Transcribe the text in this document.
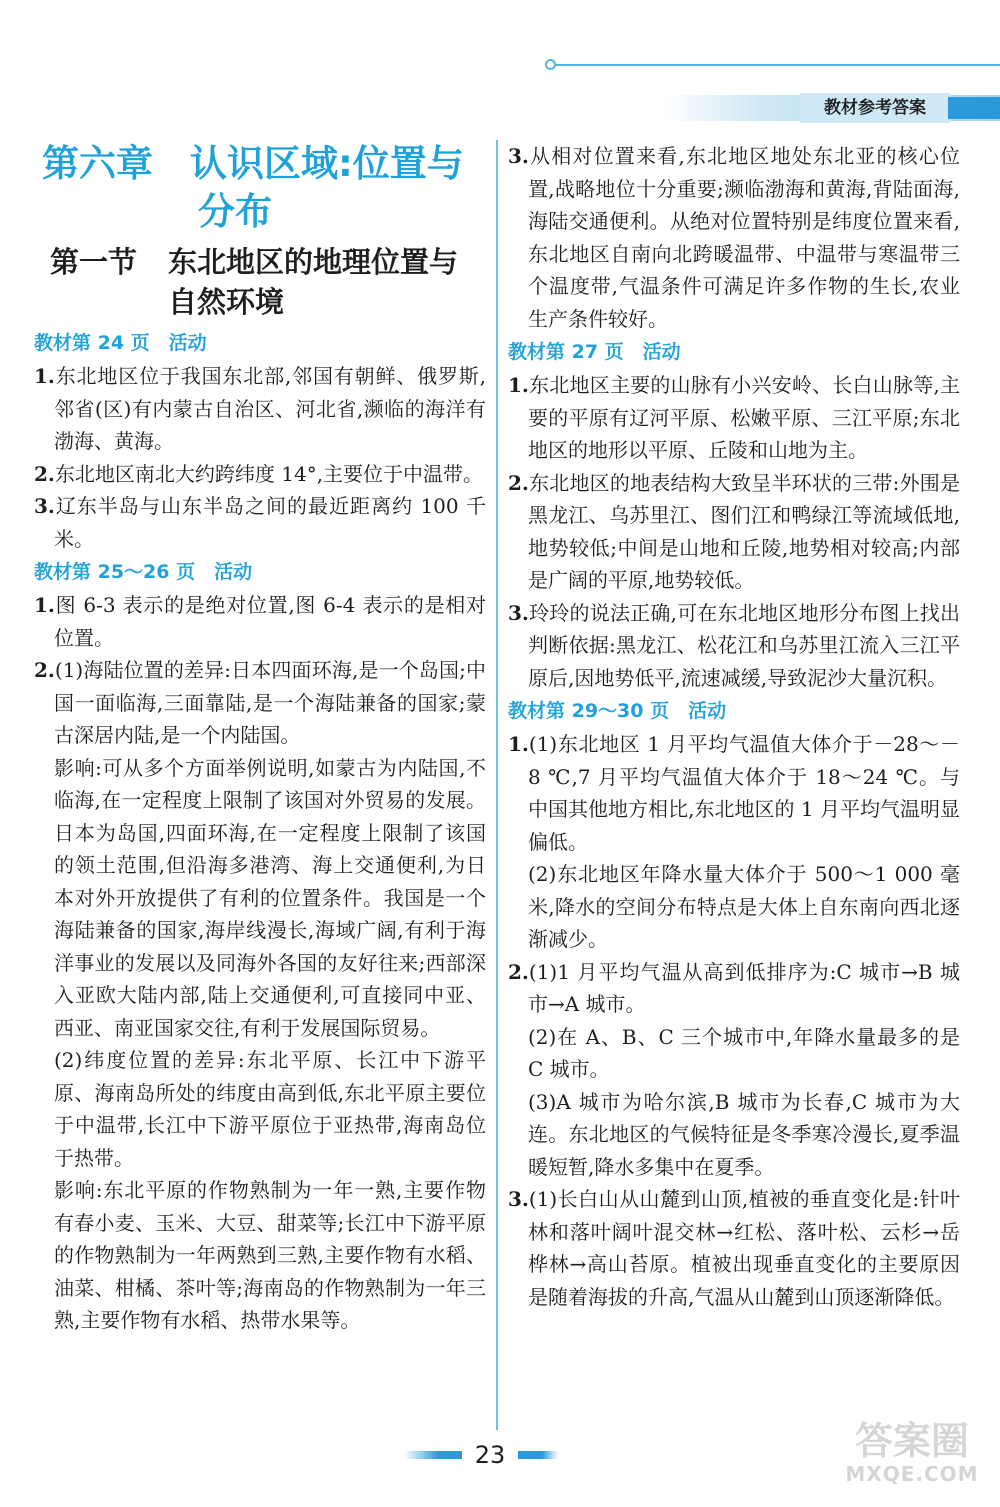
教材参考答案
第六章 认识区域:位置与
分布
第一节 东北地区的地理位置与
自然环境
教材第 24 页　活动

1.东北地区位于我国东北部,邻国有朝鲜、俄罗斯,邻省(区)有内蒙古自治区、河北省,濒临的海洋有渤海、黄海。

2.东北地区南北大约跨纬度 14°,主要位于中温带。

3.辽东半岛与山东半岛之间的最近距离约 100 千米。

教材第 25～26 页　活动

1.图 6-3 表示的是绝对位置,图 6-4 表示的是相对位置。

2.(1)海陆位置的差异:日本四面环海,是一个岛国;中国一面临海,三面靠陆,是一个海陆兼备的国家;蒙古深居内陆,是一个内陆国。

影响:可从多个方面举例说明,如蒙古为内陆国,不临海,在一定程度上限制了该国对外贸易的发展。日本为岛国,四面环海,在一定程度上限制了该国的领土范围,但沿海多港湾、海上交通便利,为日本对外开放提供了有利的位置条件。我国是一个海陆兼备的国家,海岸线漫长,海域广阔,有利于海洋事业的发展以及同海外各国的友好往来;西部深入亚欧大陆内部,陆上交通便利,可直接同中亚、西亚、南亚国家交往,有利于发展国际贸易。

(2)纬度位置的差异:东北平原、长江中下游平原、海南岛所处的纬度由高到低,东北平原主要位于中温带,长江中下游平原位于亚热带,海南岛位于热带。

影响:东北平原的作物熟制为一年一熟,主要作物有春小麦、玉米、大豆、甜菜等;长江中下游平原的作物熟制为一年两熟到三熟,主要作物有水稻、油菜、柑橘、茶叶等;海南岛的作物熟制为一年三熟,主要作物有水稻、热带水果等。

3.从相对位置来看,东北地区地处东北亚的核心位置,战略地位十分重要;濒临渤海和黄海,背陆面海,海陆交通便利。从绝对位置特别是纬度位置来看,东北地区自南向北跨暖温带、中温带与寒温带三个温度带,气温条件可满足许多作物的生长,农业生产条件较好。

教材第 27 页　活动

1.东北地区主要的山脉有小兴安岭、长白山脉等,主要的平原有辽河平原、松嫩平原、三江平原;东北地区的地形以平原、丘陵和山地为主。

2.东北地区的地表结构大致呈半环状的三带:外围是黑龙江、乌苏里江、图们江和鸭绿江等流域低地,地势较低;中间是山地和丘陵,地势相对较高;内部是广阔的平原,地势较低。

3.玲玲的说法正确,可在东北地区地形分布图上找出判断依据:黑龙江、松花江和乌苏里江流入三江平原后,因地势低平,流速减缓,导致泥沙大量沉积。

教材第 29～30 页　活动

1.(1)东北地区 1 月平均气温值大体介于－28～－8 ℃,7 月平均气温值大体介于 18～24 ℃。与中国其他地方相比,东北地区的 1 月平均气温明显偏低。

(2)东北地区年降水量大体介于 500～1 000 毫米,降水的空间分布特点是大体上自东南向西北逐渐减少。

2.(1)1 月平均气温从高到低排序为:C 城市→B 城市→A 城市。

(2)在 A、B、C 三个城市中,年降水量最多的是 C 城市。

(3)A 城市为哈尔滨,B 城市为长春,C 城市为大连。东北地区的气候特征是冬季寒冷漫长,夏季温暖短暂,降水多集中在夏季。

3.(1)长白山从山麓到山顶,植被的垂直变化是:针叶林和落叶阔叶混交林→红松、落叶松、云杉→岳桦林→高山苔原。植被出现垂直变化的主要原因是随着海拔的升高,气温从山麓到山顶逐渐降低。

23	答案圈
MXQE.COM
